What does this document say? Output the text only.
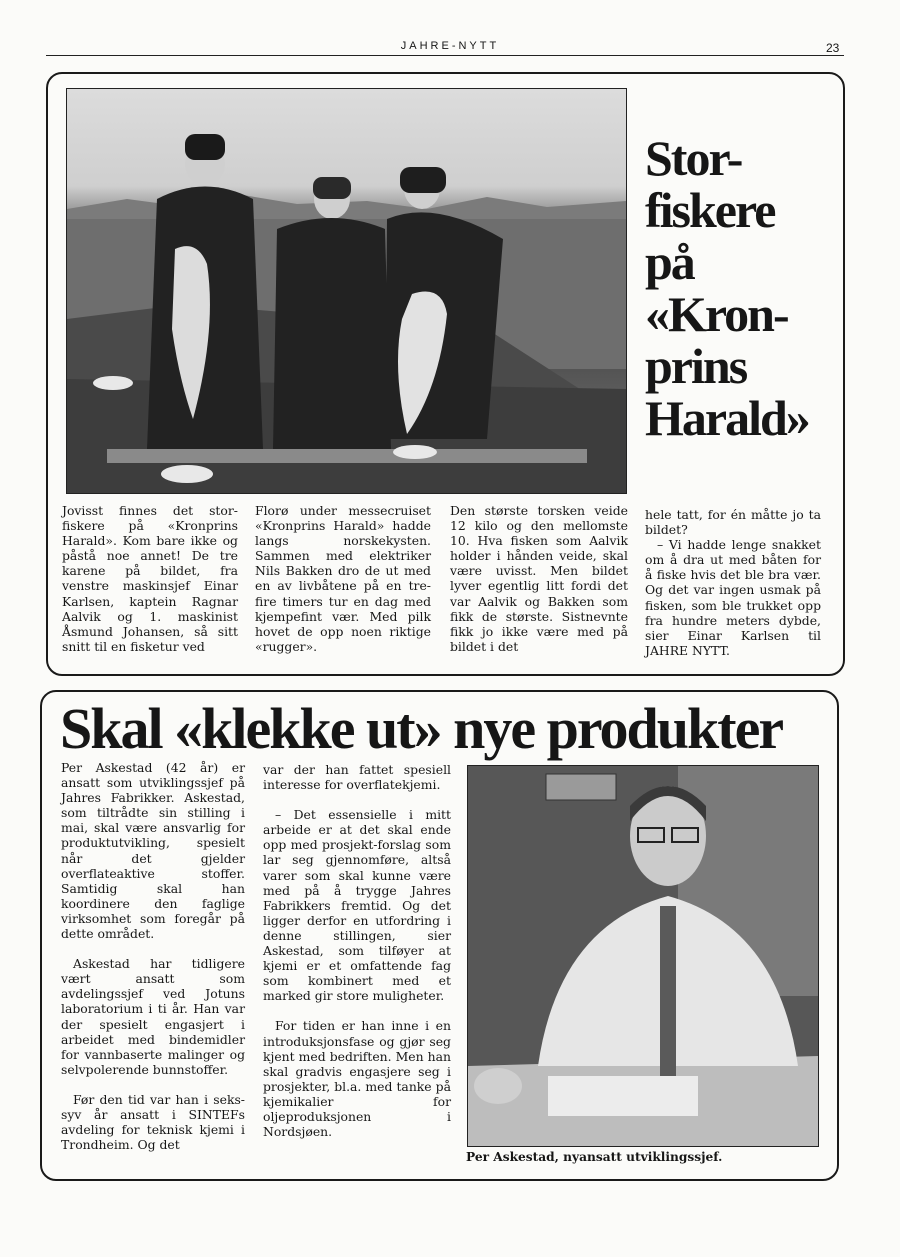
JAHRE-NYTT	23
Stor-
fiskere
på
«Kron-
prins
Harald»

Jovisst finnes det stor-fiskere på «Kronprins Harald». Kom bare ikke og påstå noe annet! De tre karene på bildet, fra venstre maskinsjef Einar Karlsen, kaptein Ragnar Aalvik og 1. maskinist Åsmund Johansen, så sitt snitt til en fisketur ved

Florø under messecruiset «Kronprins Harald» hadde langs norskekysten. Sammen med elektriker Nils Bakken dro de ut med en av livbåtene på en tre-fire timers tur en dag med kjempefint vær. Med pilk hovet de opp noen riktige «rugger».

Den største torsken veide 12 kilo og den mellomste 10. Hva fisken som Aalvik holder i hånden veide, skal være uvisst. Men bildet lyver egentlig litt fordi det var Aalvik og Bakken som fikk de største. Sistnevnte fikk jo ikke være med på bildet i det

hele tatt, for én måtte jo ta bildet?

– Vi hadde lenge snakket om å dra ut med båten for å fiske hvis det ble bra vær. Og det var ingen usmak på fisken, som ble trukket opp fra hundre meters dybde, sier Einar Karlsen til JAHRE NYTT.

Skal «klekke ut» nye produkter

Per Askestad (42 år) er ansatt som utviklingssjef på Jahres Fabrikker. Askestad, som tiltrådte sin stilling i mai, skal være ansvarlig for produktutvikling, spesielt når det gjelder overflateaktive stoffer. Samtidig skal han koordinere den faglige virksomhet som foregår på dette området.

Askestad har tidligere vært ansatt som avdelingssjef ved Jotuns laboratorium i ti år. Han var der spesielt engasjert i arbeidet med bindemidler for vannbaserte malinger og selvpolerende bunnstoffer.

Før den tid var han i seks-syv år ansatt i SINTEFs avdeling for teknisk kjemi i Trondheim. Og det

var der han fattet spesiell interesse for overflatekjemi.

– Det essensielle i mitt arbeide er at det skal ende opp med prosjekt-forslag som lar seg gjennomføre, altså varer som skal kunne være med på å trygge Jahres Fabrikkers fremtid. Og det ligger derfor en utfordring i denne stillingen, sier Askestad, som tilføyer at kjemi er et omfattende fag som kombinert med et marked gir store muligheter.

For tiden er han inne i en introduksjonsfase og gjør seg kjent med bedriften. Men han skal gradvis engasjere seg i prosjekter, bl.a. med tanke på kjemikalier for oljeproduksjonen i Nordsjøen.

Per Askestad, nyansatt utviklingssjef.
